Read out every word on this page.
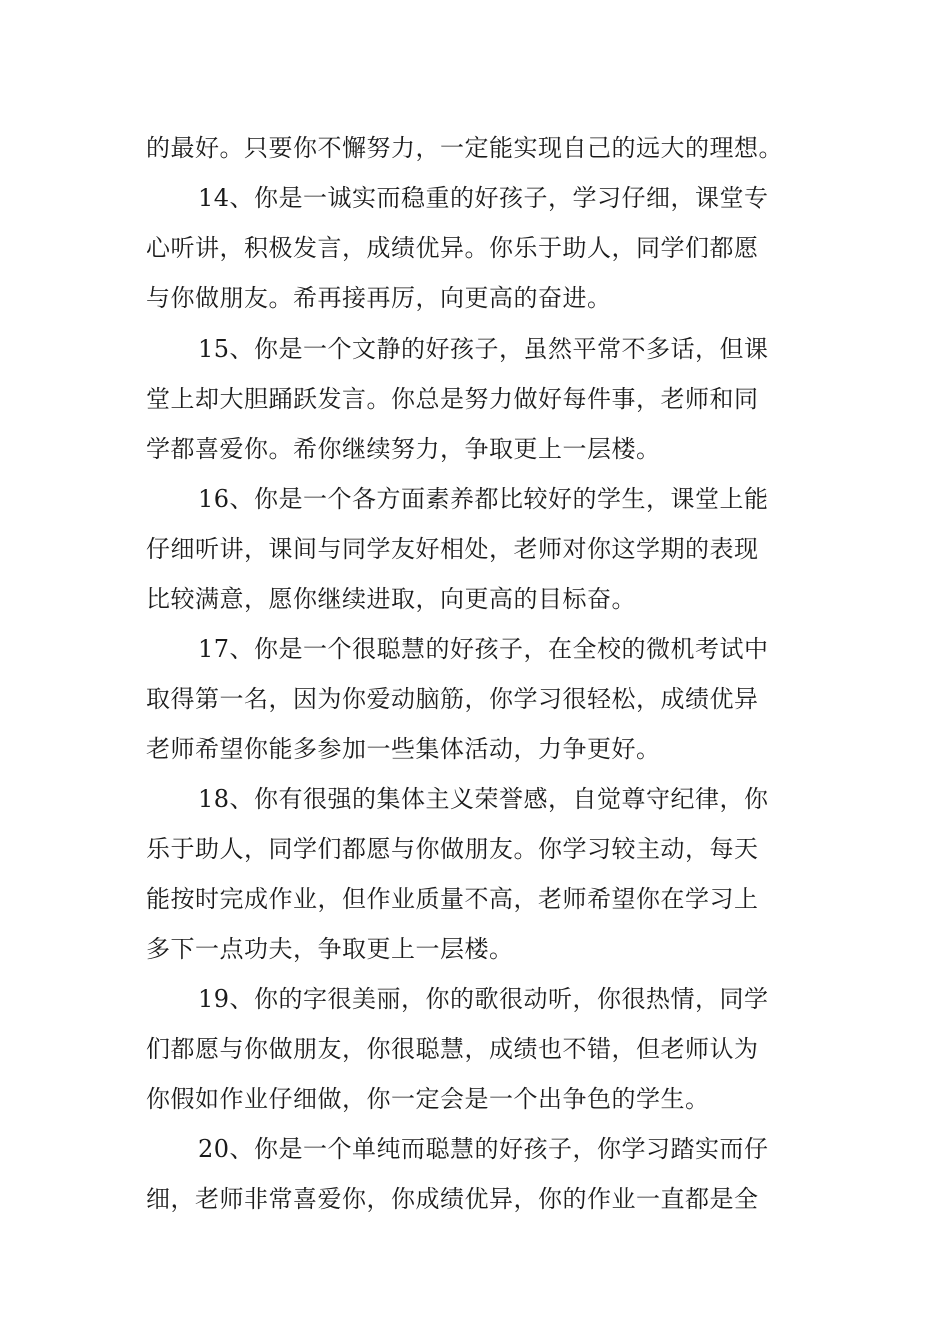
的最好。只要你不懈努力，一定能实现自己的远大的理想。
14、你是一诚实而稳重的好孩子，学习仔细，课堂专
心听讲，积极发言，成绩优异。你乐于助人，同学们都愿
与你做朋友。希再接再厉，向更高的奋进。
15、你是一个文静的好孩子，虽然平常不多话，但课
堂上却大胆踊跃发言。你总是努力做好每件事，老师和同
学都喜爱你。希你继续努力，争取更上一层楼。
16、你是一个各方面素养都比较好的学生，课堂上能
仔细听讲，课间与同学友好相处，老师对你这学期的表现
比较满意，愿你继续进取，向更高的目标奋。
17、你是一个很聪慧的好孩子，在全校的微机考试中
取得第一名，因为你爱动脑筋，你学习很轻松，成绩优异
老师希望你能多参加一些集体活动，力争更好。
18、你有很强的集体主义荣誉感，自觉尊守纪律，你
乐于助人，同学们都愿与你做朋友。你学习较主动，每天
能按时完成作业，但作业质量不高，老师希望你在学习上
多下一点功夫，争取更上一层楼。
19、你的字很美丽，你的歌很动听，你很热情，同学
们都愿与你做朋友，你很聪慧，成绩也不错，但老师认为
你假如作业仔细做，你一定会是一个出争色的学生。
20、你是一个单纯而聪慧的好孩子，你学习踏实而仔
细，老师非常喜爱你，你成绩优异，你的作业一直都是全
